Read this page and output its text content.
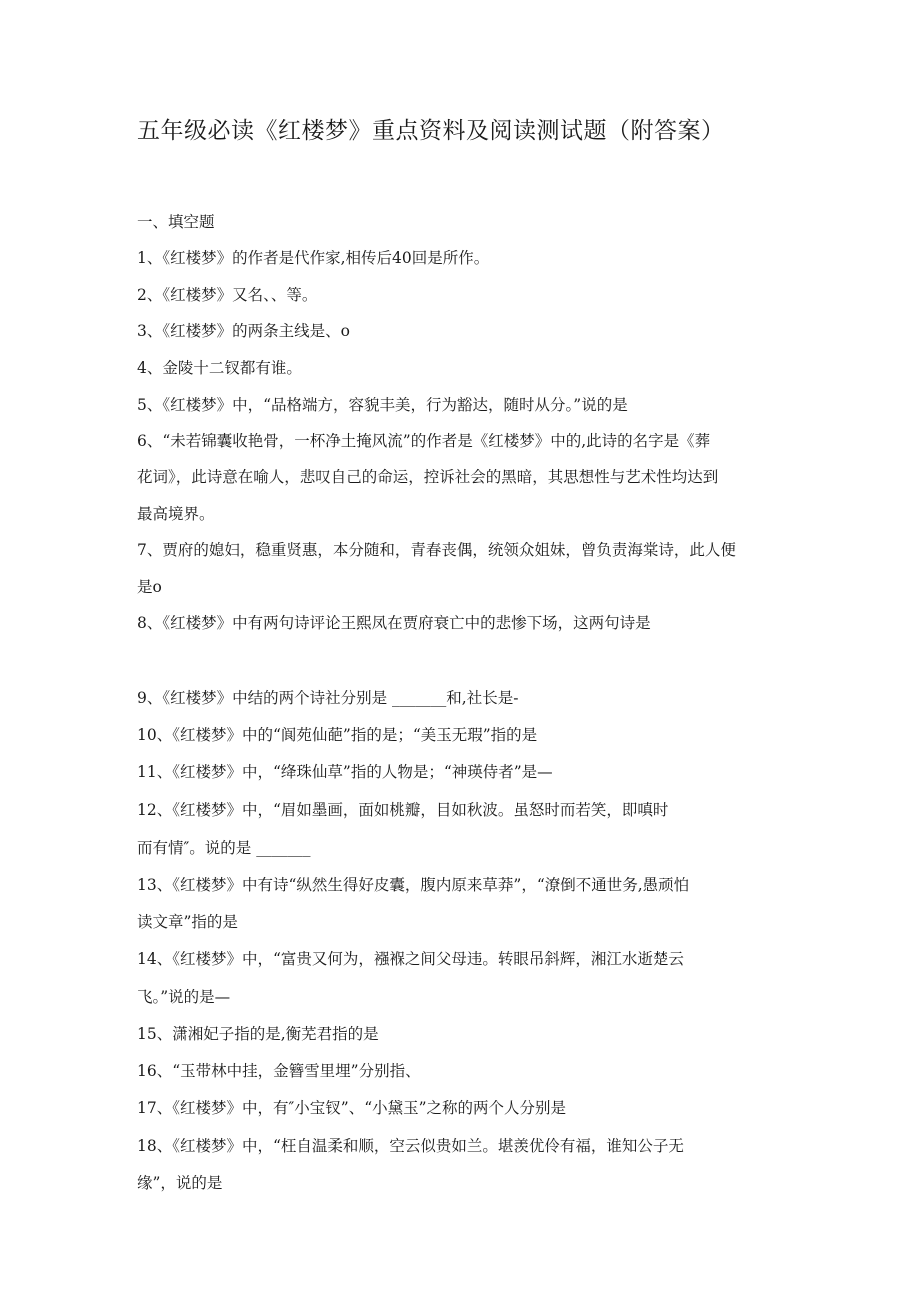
五年级必读《红楼梦》重点资料及阅读测试题（附答案）
一、填空题
1、《红楼梦》的作者是代作家,相传后40回是所作。
2、《红楼梦》又名、、等。
3、《红楼梦》的两条主线是、o
4、金陵十二钗都有谁。
5、《红楼梦》中，“品格端方，容貌丰美，行为豁达，随时从分。”说的是
6、“未若锦囊收艳骨，一杯净土掩风流”的作者是《红楼梦》中的,此诗的名字是《葬
花词》，此诗意在喻人，悲叹自己的命运，控诉社会的黑暗，其思想性与艺术性均达到
最高境界。
7、贾府的媳妇，稳重贤惠，本分随和，青春丧偶，统领众姐妹，曾负责海棠诗，此人便
是o
8、《红楼梦》中有两句诗评论王熙凤在贾府衰亡中的悲惨下场，这两句诗是
9、《红楼梦》中结的两个诗社分别是 _______和,社长是-
10、《红楼梦》中的“阆苑仙葩”指的是；“美玉无瑕”指的是
11、《红楼梦》中，“绛珠仙草”指的人物是；“神瑛侍者”是—
12、《红楼梦》中，“眉如墨画，面如桃瓣，目如秋波。虽怒时而若笑，即嗔时
而有情″。说的是 _______
13、《红楼梦》中有诗“纵然生得好皮囊，腹内原来草莽”，“潦倒不通世务,愚顽怕
读文章”指的是
14、《红楼梦》中，“富贵又何为，襁褓之间父母违。转眼吊斜辉，湘江水逝楚云
飞。”说的是—
15、潇湘妃子指的是,衡芜君指的是
16、“玉带林中挂，金簪雪里埋”分别指、
17、《红楼梦》中，有″小宝钗”、“小黛玉”之称的两个人分别是
18、《红楼梦》中，“枉自温柔和顺，空云似贵如兰。堪羡优伶有福，谁知公子无
缘”，说的是
